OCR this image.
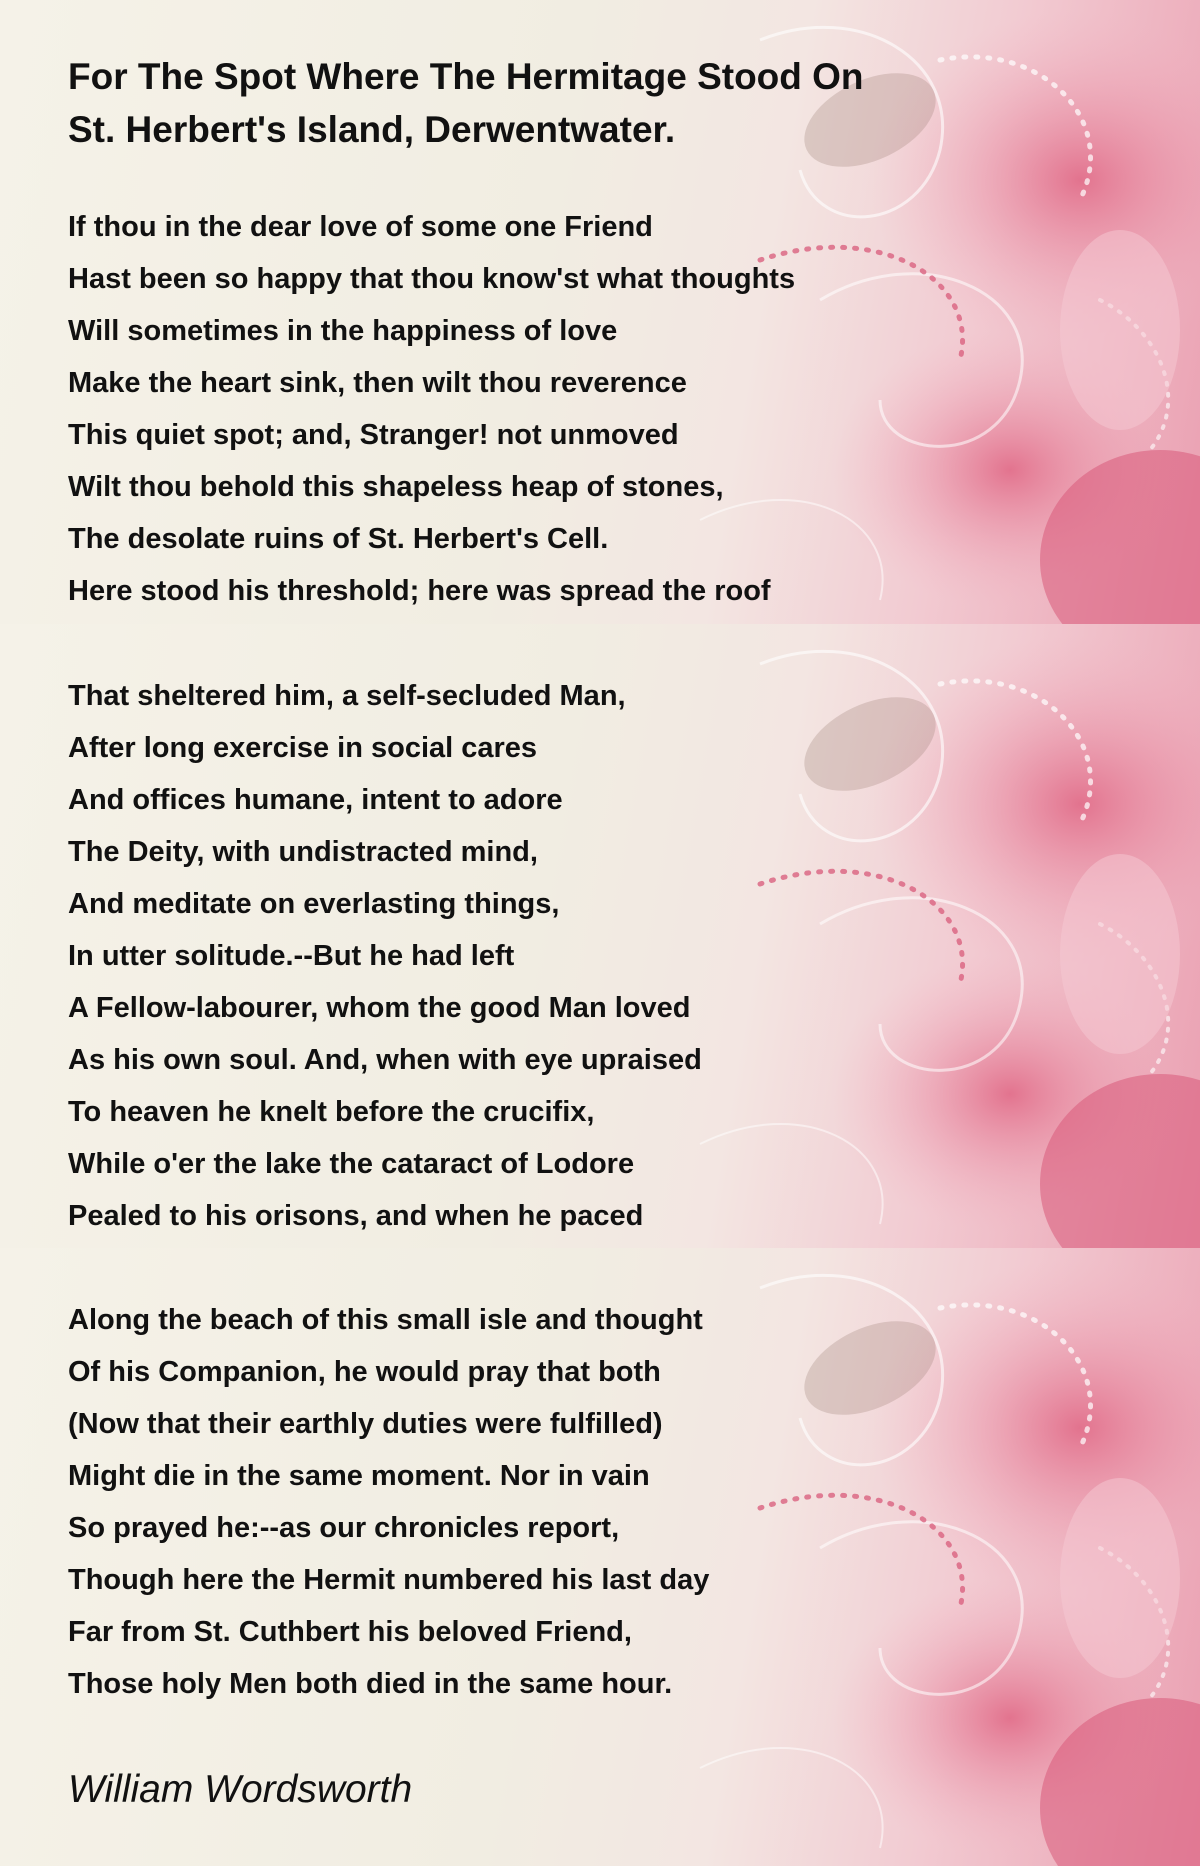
For The Spot Where The Hermitage Stood On
St. Herbert's Island, Derwentwater.
If thou in the dear love of some one Friend
Hast been so happy that thou know'st what thoughts
Will sometimes in the happiness of love
Make the heart sink, then wilt thou reverence
This quiet spot; and, Stranger! not unmoved
Wilt thou behold this shapeless heap of stones,
The desolate ruins of St. Herbert's Cell.
Here stood his threshold; here was spread the roof
That sheltered him, a self-secluded Man,
After long exercise in social cares
And offices humane, intent to adore
The Deity, with undistracted mind,
And meditate on everlasting things,
In utter solitude.--But he had left
A Fellow-labourer, whom the good Man loved
As his own soul. And, when with eye upraised
To heaven he knelt before the crucifix,
While o'er the lake the cataract of Lodore
Pealed to his orisons, and when he paced
Along the beach of this small isle and thought
Of his Companion, he would pray that both
(Now that their earthly duties were fulfilled)
Might die in the same moment. Nor in vain
So prayed he:--as our chronicles report,
Though here the Hermit numbered his last day
Far from St. Cuthbert his beloved Friend,
Those holy Men both died in the same hour.
William Wordsworth
